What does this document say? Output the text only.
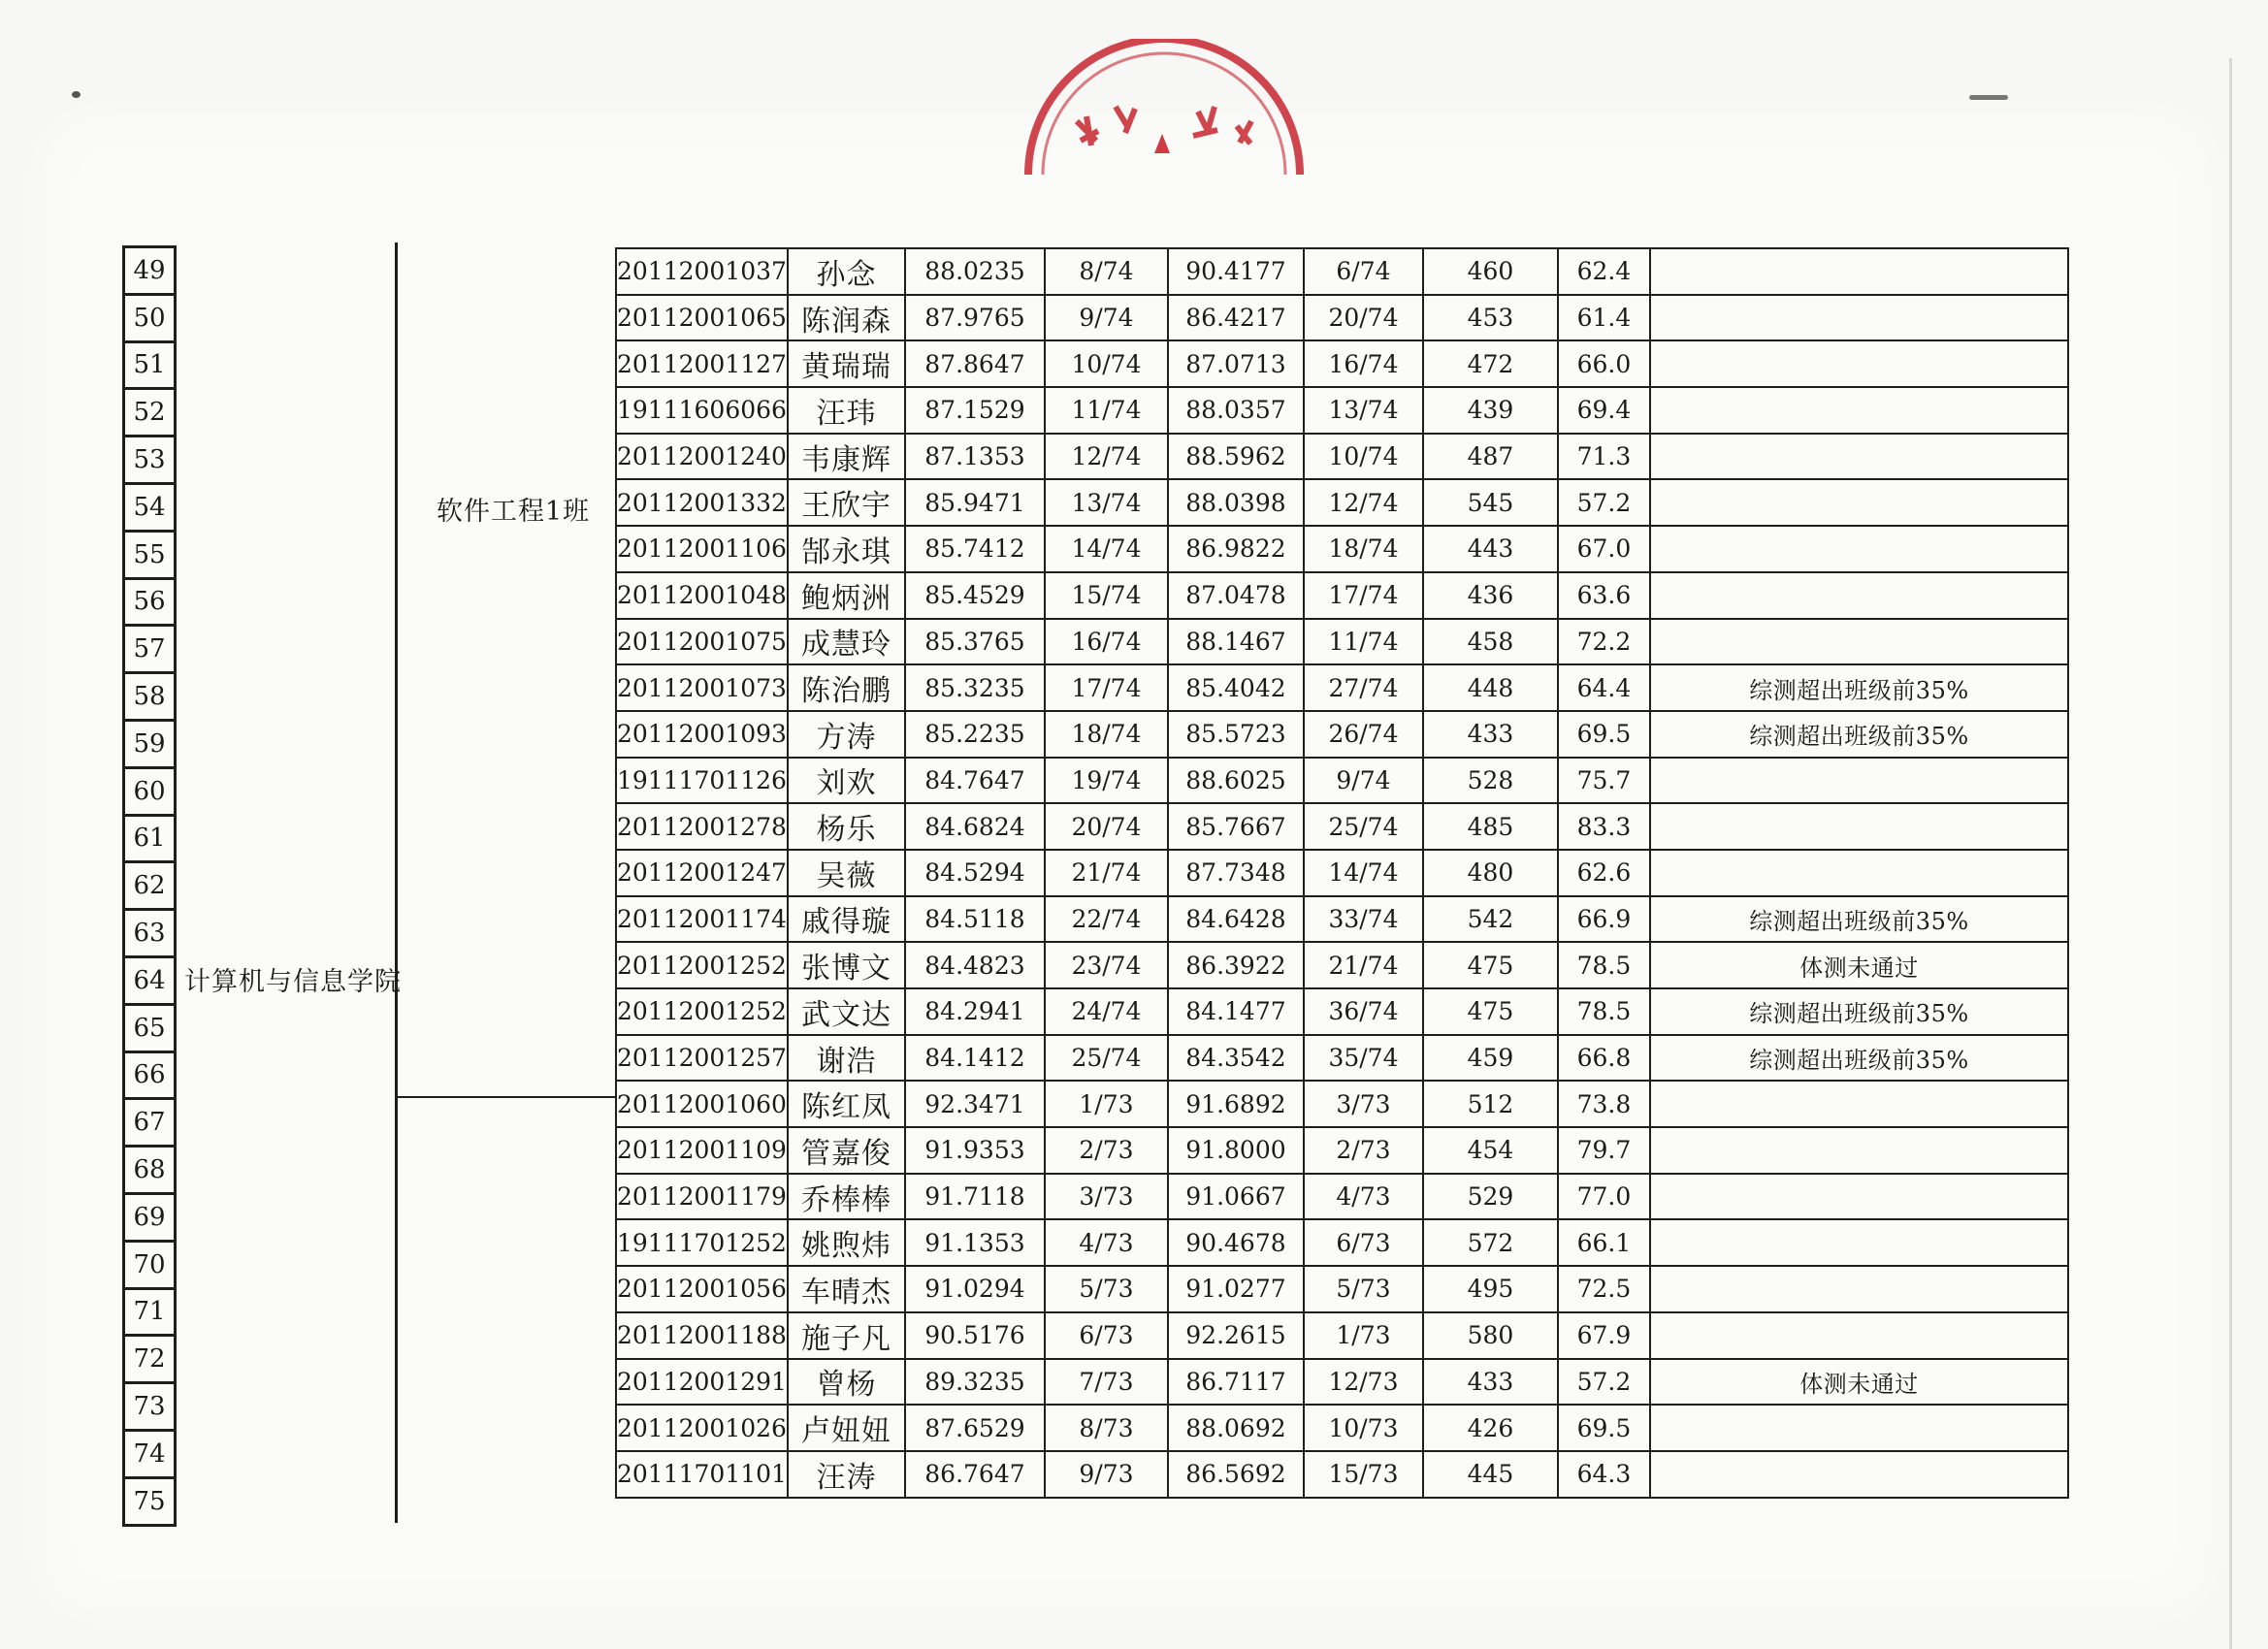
49
50
51
52
53
54
55
56
57
58
59
60
61
62
63
64
65
66
67
68
69
70
71
72
73
74
75
计算机与信息学院
软件工程1班
20112001037	孙念	88.0235	8/74	90.4177	6/74	460	62.4	
20112001065	陈润森	87.9765	9/74	86.4217	20/74	453	61.4	
20112001127	黄瑞瑞	87.8647	10/74	87.0713	16/74	472	66.0	
19111606066	汪玮	87.1529	11/74	88.0357	13/74	439	69.4	
20112001240	韦康辉	87.1353	12/74	88.5962	10/74	487	71.3	
20112001332	王欣宇	85.9471	13/74	88.0398	12/74	545	57.2	
20112001106	郜永琪	85.7412	14/74	86.9822	18/74	443	67.0	
20112001048	鲍炳洲	85.4529	15/74	87.0478	17/74	436	63.6	
20112001075	成慧玲	85.3765	16/74	88.1467	11/74	458	72.2	
20112001073	陈治鹏	85.3235	17/74	85.4042	27/74	448	64.4	综测超出班级前35%
20112001093	方涛	85.2235	18/74	85.5723	26/74	433	69.5	综测超出班级前35%
19111701126	刘欢	84.7647	19/74	88.6025	9/74	528	75.7	
20112001278	杨乐	84.6824	20/74	85.7667	25/74	485	83.3	
20112001247	吴薇	84.5294	21/74	87.7348	14/74	480	62.6	
20112001174	戚得璇	84.5118	22/74	84.6428	33/74	542	66.9	综测超出班级前35%
20112001252	张博文	84.4823	23/74	86.3922	21/74	475	78.5	体测未通过
20112001252	武文达	84.2941	24/74	84.1477	36/74	475	78.5	综测超出班级前35%
20112001257	谢浩	84.1412	25/74	84.3542	35/74	459	66.8	综测超出班级前35%
20112001060	陈红凤	92.3471	1/73	91.6892	3/73	512	73.8	
20112001109	管嘉俊	91.9353	2/73	91.8000	2/73	454	79.7	
20112001179	乔棒棒	91.7118	3/73	91.0667	4/73	529	77.0	
19111701252	姚煦炜	91.1353	4/73	90.4678	6/73	572	66.1	
20112001056	车晴杰	91.0294	5/73	91.0277	5/73	495	72.5	
20112001188	施子凡	90.5176	6/73	92.2615	1/73	580	67.9	
20112001291	曾杨	89.3235	7/73	86.7117	12/73	433	57.2	体测未通过
20112001026	卢妞妞	87.6529	8/73	88.0692	10/73	426	69.5	
20111701101	汪涛	86.7647	9/73	86.5692	15/73	445	64.3	
